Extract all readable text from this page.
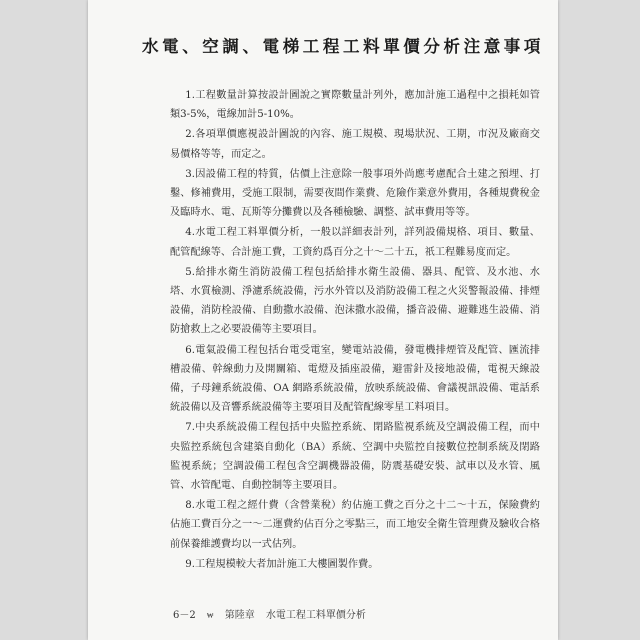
水電、空調、電梯工程工料單價分析注意事項

1.工程數量計算按設計圖說之實際數量計列外，應加計施工過程中之損耗如管類3-5%，電線加計5-10%。

2.各項單價應視設計圖說的內容、施工規模、現場狀況、工期，市況及廠商交易價格等等，而定之。

3.因設備工程的特質，估價上注意除一般事項外尚應考慮配合土建之預埋、打鑿、修補費用，受施工限制，需要夜間作業費、危險作業意外費用，各種規費稅金及臨時水、電、瓦斯等分攤費以及各種檢驗、調整、試車費用等等。

4.水電工程工料單價分析，一般以詳細表計列，詳列設備規格、項目、數量、配管配線等、合計施工費，工資約爲百分之十～二十五，祇工程難易度而定。

5.給排水衛生消防設備工程包括給排水衛生設備、器具、配管、及水池、水塔、水質檢測、淨濾系統設備，污水外管以及消防設備工程之火災警報設備、排煙設備，消防栓設備、自動撒水設備、泡沫撒水設備，播音設備、避難逃生設備、消防搶救上之必要設備等主要項目。

6.電氣設備工程包括台電受電室，變電站設備，發電機排煙管及配管、匯流排槽設備、幹線動力及開關箱、電燈及插座設備，避雷針及接地設備，電視天線設備，子母鐘系統設備、OA 網路系統設備，放映系統設備、會議視訊設備、電話系統設備以及音響系統設備等主要項目及配管配線零星工料項目。

7.中央系統設備工程包括中央監控系統、閉路監視系統及空調設備工程，而中央監控系統包含建築自動化（BA）系統、空調中央監控自接數位控制系統及閉路監視系統；空調設備工程包含空調機器設備，防震基礎安裝、試車以及水管、風管、水管配電、自動控制等主要項目。

8.水電工程之經什費（含營業稅）約佔施工費之百分之十二～十五，保險費約佔施工費百分之一～二運費約佔百分之零點三，而工地安全衛生管理費及驗收合格前保養維護費均以一式估列。

9.工程規模較大者加計施工大樓圖製作費。

6－2 ₩ 第陸章 水電工程工料單價分析
